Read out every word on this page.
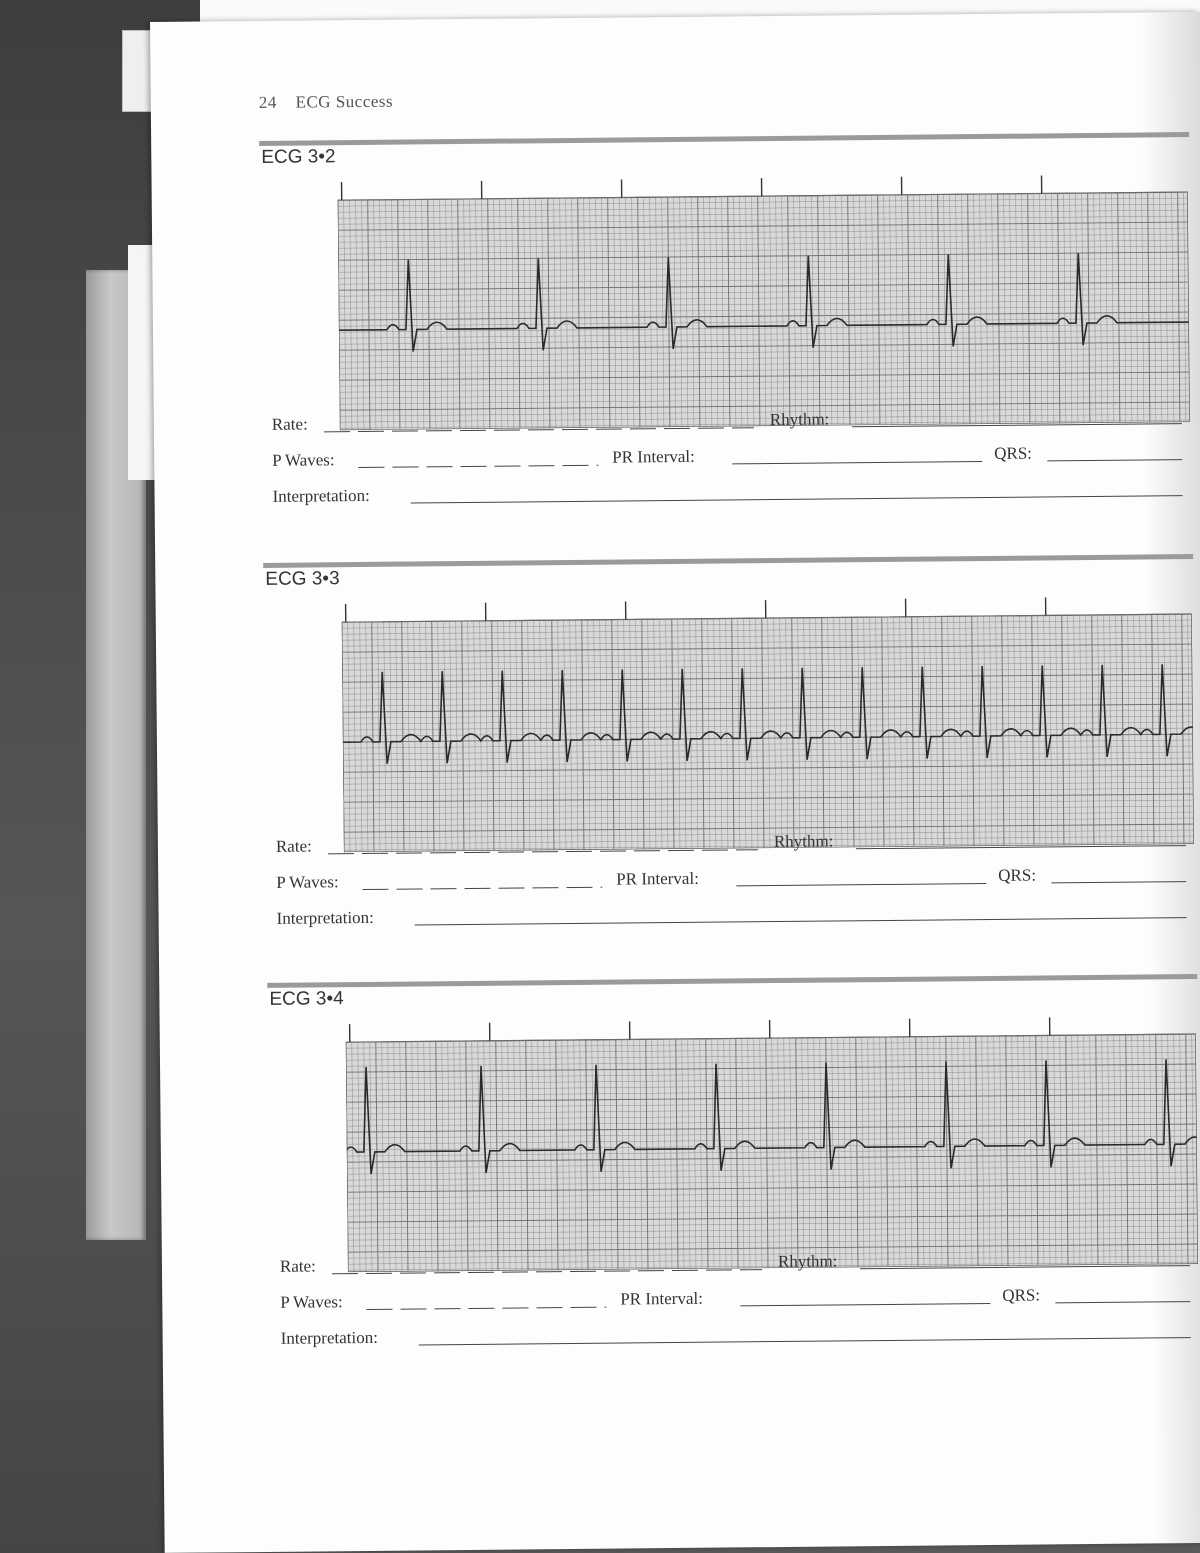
24 ECG Success
ECG 3•2
Rate:	Rhythm:
P Waves:	PR Interval:	QRS:
Interpretation:
ECG 3•3
Rate:	Rhythm:
P Waves:	PR Interval:	QRS:
Interpretation:
ECG 3•4
Rate:	Rhythm:
P Waves:	PR Interval:	QRS:
Interpretation:
